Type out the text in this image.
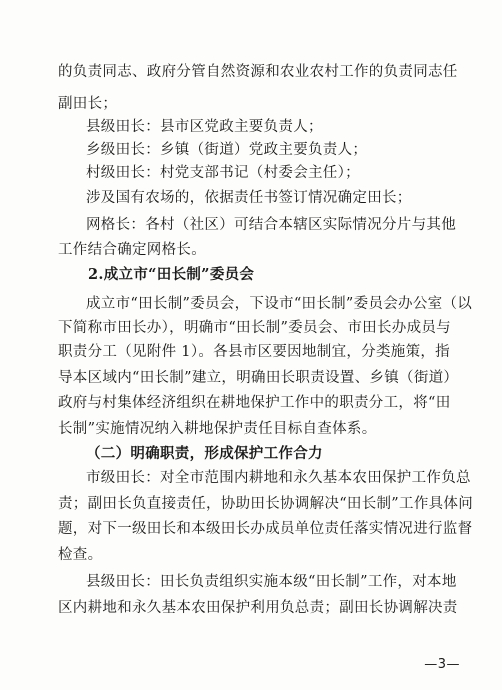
的负责同志、政府分管自然资源和农业农村工作的负责同志任
副田长；
县级田长：县市区党政主要负责人；
乡级田长：乡镇（街道）党政主要负责人；
村级田长：村党支部书记（村委会主任）；
涉及国有农场的，依据责任书签订情况确定田长；
网格长：各村（社区）可结合本辖区实际情况分片与其他
工作结合确定网格长。
2.成立市“田长制”委员会
成立市“田长制”委员会，下设市“田长制”委员会办公室（以
下简称市田长办），明确市“田长制”委员会、市田长办成员与
职责分工（见附件 1）。各县市区要因地制宜，分类施策，指
导本区域内“田长制”建立，明确田长职责设置、乡镇（街道）
政府与村集体经济组织在耕地保护工作中的职责分工，将“田
长制”实施情况纳入耕地保护责任目标自查体系。
（二）明确职责，形成保护工作合力
市级田长：对全市范围内耕地和永久基本农田保护工作负总
责；副田长负直接责任，协助田长协调解决“田长制”工作具体问
题，对下一级田长和本级田长办成员单位责任落实情况进行监督
检查。
县级田长：田长负责组织实施本级“田长制”工作，对本地
区内耕地和永久基本农田保护利用负总责；副田长协调解决责
—3—
